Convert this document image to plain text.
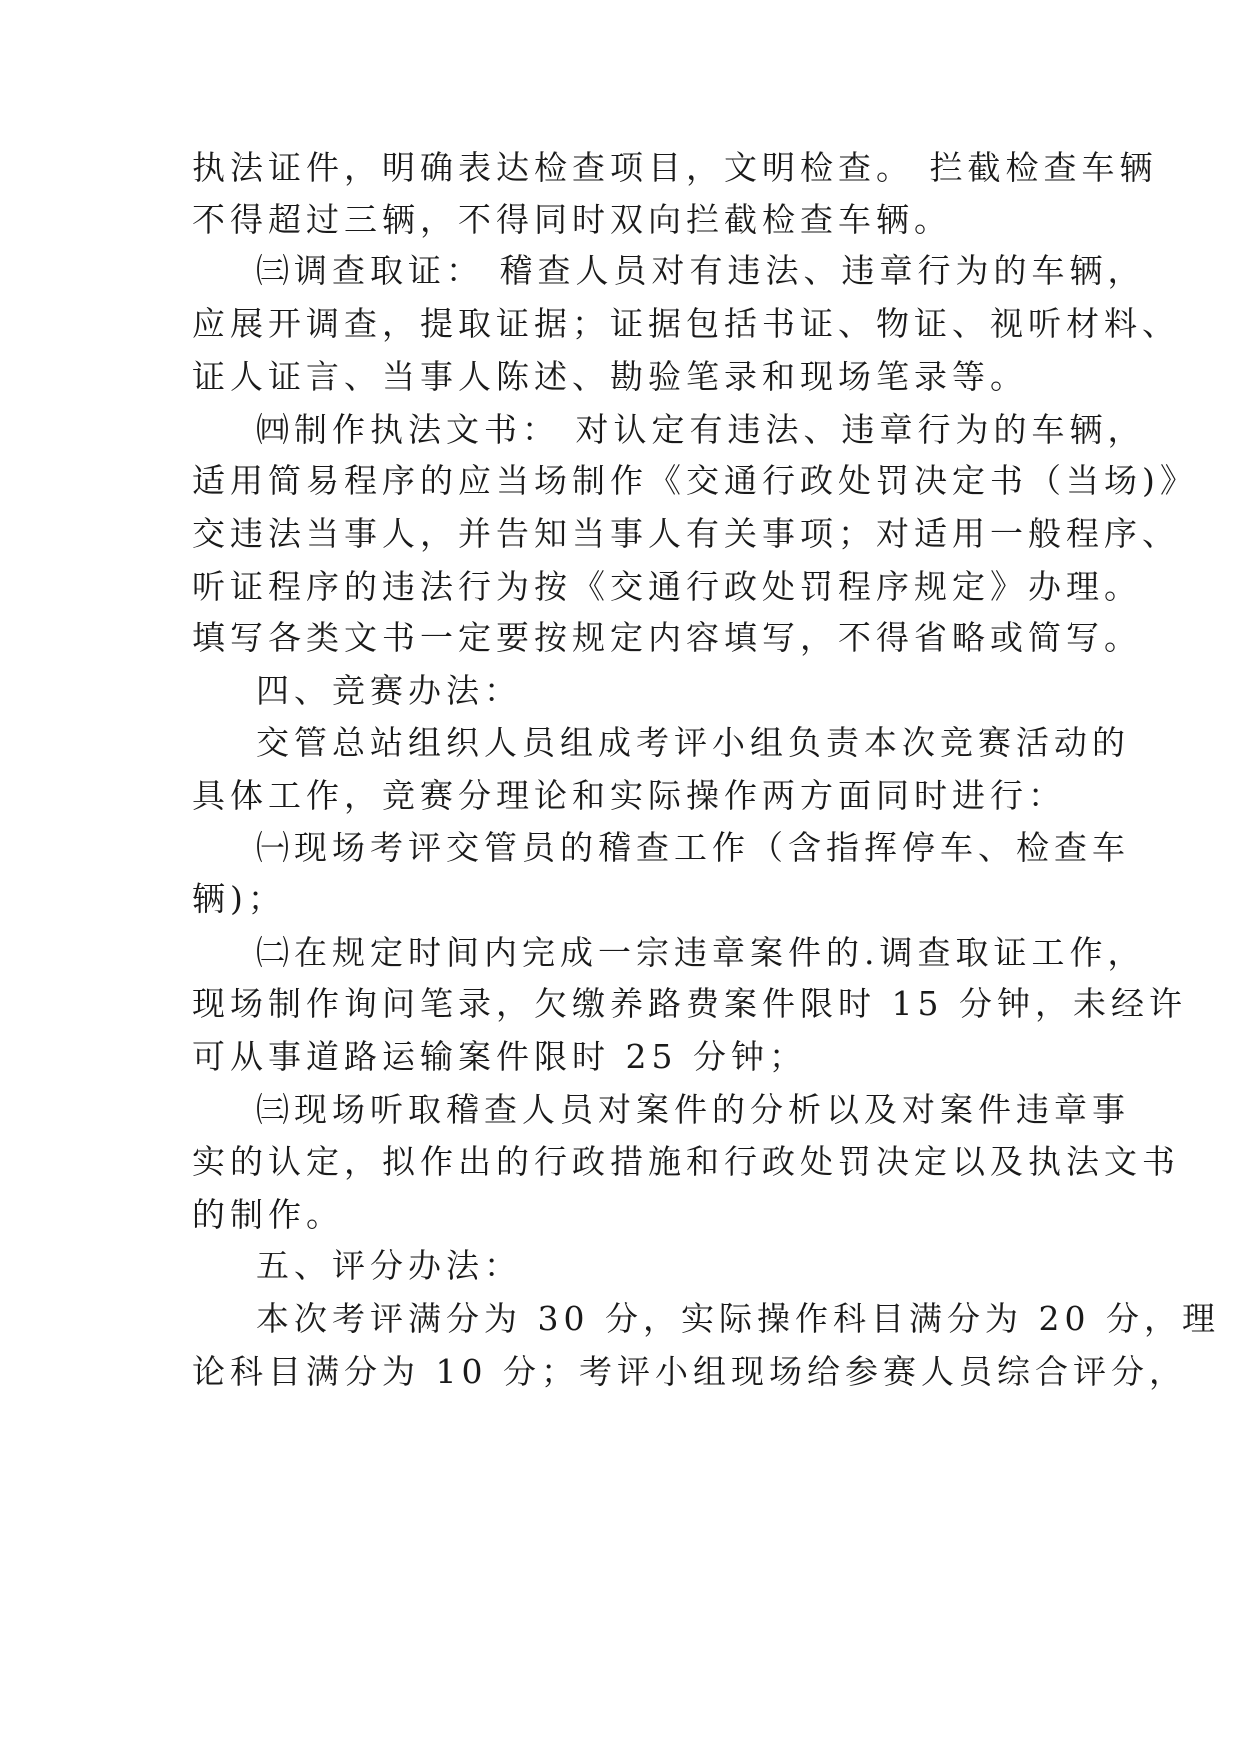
执法证件，明确表达检查项目，文明检查。 拦截检查车辆
不得超过三辆，不得同时双向拦截检查车辆。
㈢调查取证： 稽查人员对有违法、违章行为的车辆，
应展开调查，提取证据；证据包括书证、物证、视听材料、
证人证言、当事人陈述、勘验笔录和现场笔录等。
㈣制作执法文书： 对认定有违法、违章行为的车辆，
适用简易程序的应当场制作《交通行政处罚决定书（当场)》
交违法当事人，并告知当事人有关事项；对适用一般程序、
听证程序的违法行为按《交通行政处罚程序规定》办理。
填写各类文书一定要按规定内容填写，不得省略或简写。
四、竞赛办法：
交管总站组织人员组成考评小组负责本次竞赛活动的
具体工作，竞赛分理论和实际操作两方面同时进行：
㈠现场考评交管员的稽查工作（含指挥停车、检查车
辆)；
㈡在规定时间内完成一宗违章案件的.调查取证工作，
现场制作询问笔录，欠缴养路费案件限时 15 分钟，未经许
可从事道路运输案件限时 25 分钟；
㈢现场听取稽查人员对案件的分析以及对案件违章事
实的认定，拟作出的行政措施和行政处罚决定以及执法文书
的制作。
五、评分办法：
本次考评满分为 30 分，实际操作科目满分为 20 分，理
论科目满分为 10 分；考评小组现场给参赛人员综合评分，
